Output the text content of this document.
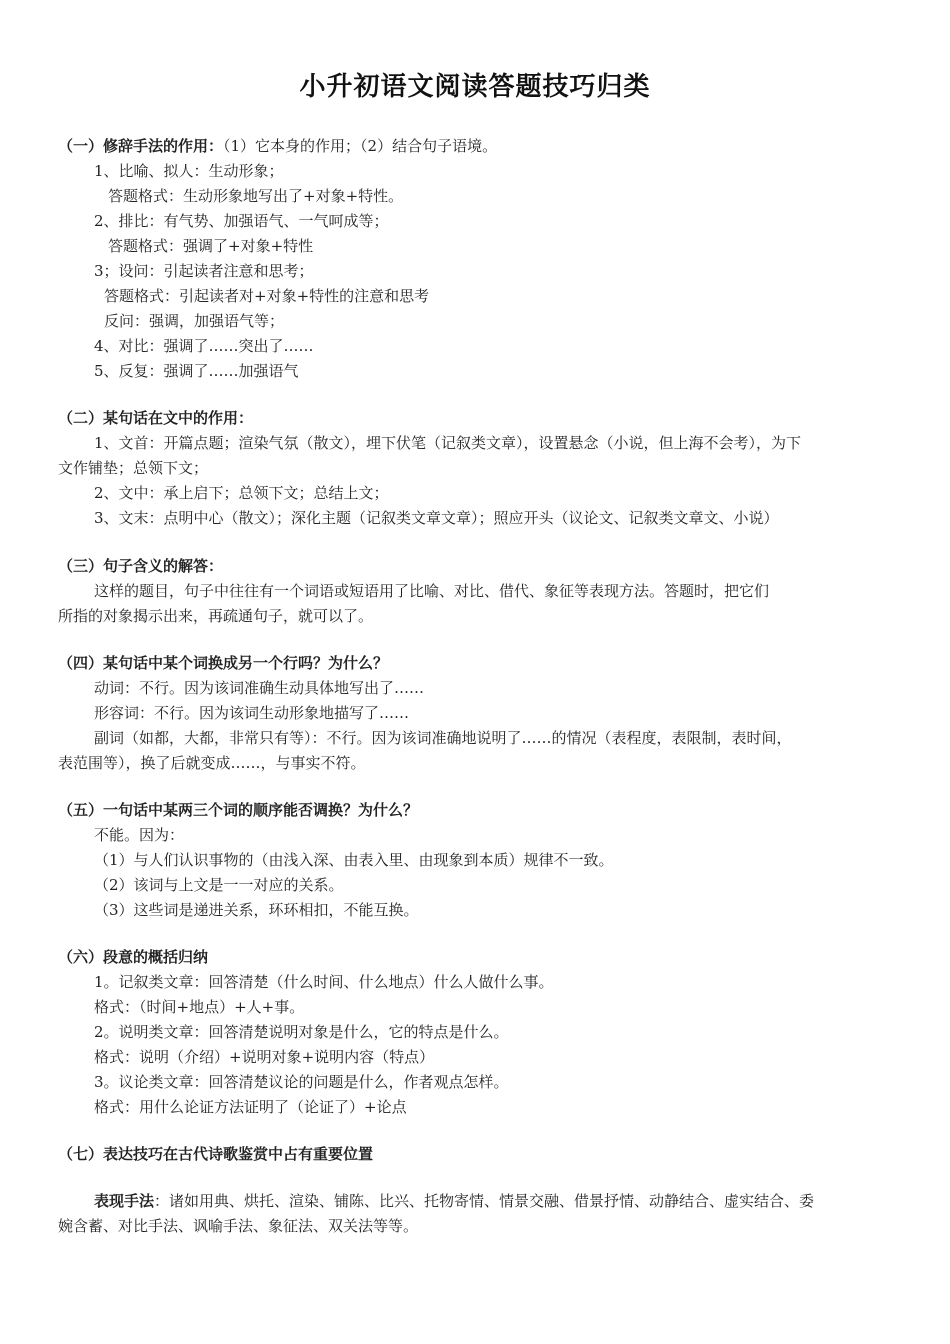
小升初语文阅读答题技巧归类
（一）修辞手法的作用：（1）它本身的作用；（2）结合句子语境。
1、比喻、拟人：生动形象；
答题格式：生动形象地写出了+对象+特性。
2、排比：有气势、加强语气、一气呵成等；
答题格式：强调了+对象+特性
3；设问：引起读者注意和思考；
答题格式：引起读者对+对象+特性的注意和思考
反问：强调，加强语气等；
4、对比：强调了……突出了……
5、反复：强调了……加强语气
（二）某句话在文中的作用：
1、文首：开篇点题；渲染气氛（散文），埋下伏笔（记叙类文章），设置悬念（小说，但上海不会考），为下
文作铺垫；总领下文；
2、文中：承上启下；总领下文；总结上文；
3、文末：点明中心（散文）；深化主题（记叙类文章文章）；照应开头（议论文、记叙类文章文、小说）
（三）句子含义的解答：
这样的题目，句子中往往有一个词语或短语用了比喻、对比、借代、象征等表现方法。答题时，把它们
所指的对象揭示出来，再疏通句子，就可以了。
（四）某句话中某个词换成另一个行吗？为什么？
动词：不行。因为该词准确生动具体地写出了……
形容词：不行。因为该词生动形象地描写了……
副词（如都，大都，非常只有等）：不行。因为该词准确地说明了……的情况（表程度，表限制，表时间，
表范围等），换了后就变成……，与事实不符。
（五）一句话中某两三个词的顺序能否调换？为什么？
不能。因为：
（1）与人们认识事物的（由浅入深、由表入里、由现象到本质）规律不一致。
（2）该词与上文是一一对应的关系。
（3）这些词是递进关系，环环相扣，不能互换。
（六）段意的概括归纳
1。记叙类文章：回答清楚（什么时间、什么地点）什么人做什么事。
格式：（时间+地点）+人+事。
2。说明类文章：回答清楚说明对象是什么，它的特点是什么。
格式：说明（介绍）+说明对象+说明内容（特点）
3。议论类文章：回答清楚议论的问题是什么，作者观点怎样。
格式：用什么论证方法证明了（论证了）+论点
（七）表达技巧在古代诗歌鉴赏中占有重要位置
表现手法：诸如用典、烘托、渲染、铺陈、比兴、托物寄情、情景交融、借景抒情、动静结合、虚实结合、委
婉含蓄、对比手法、讽喻手法、象征法、双关法等等。
